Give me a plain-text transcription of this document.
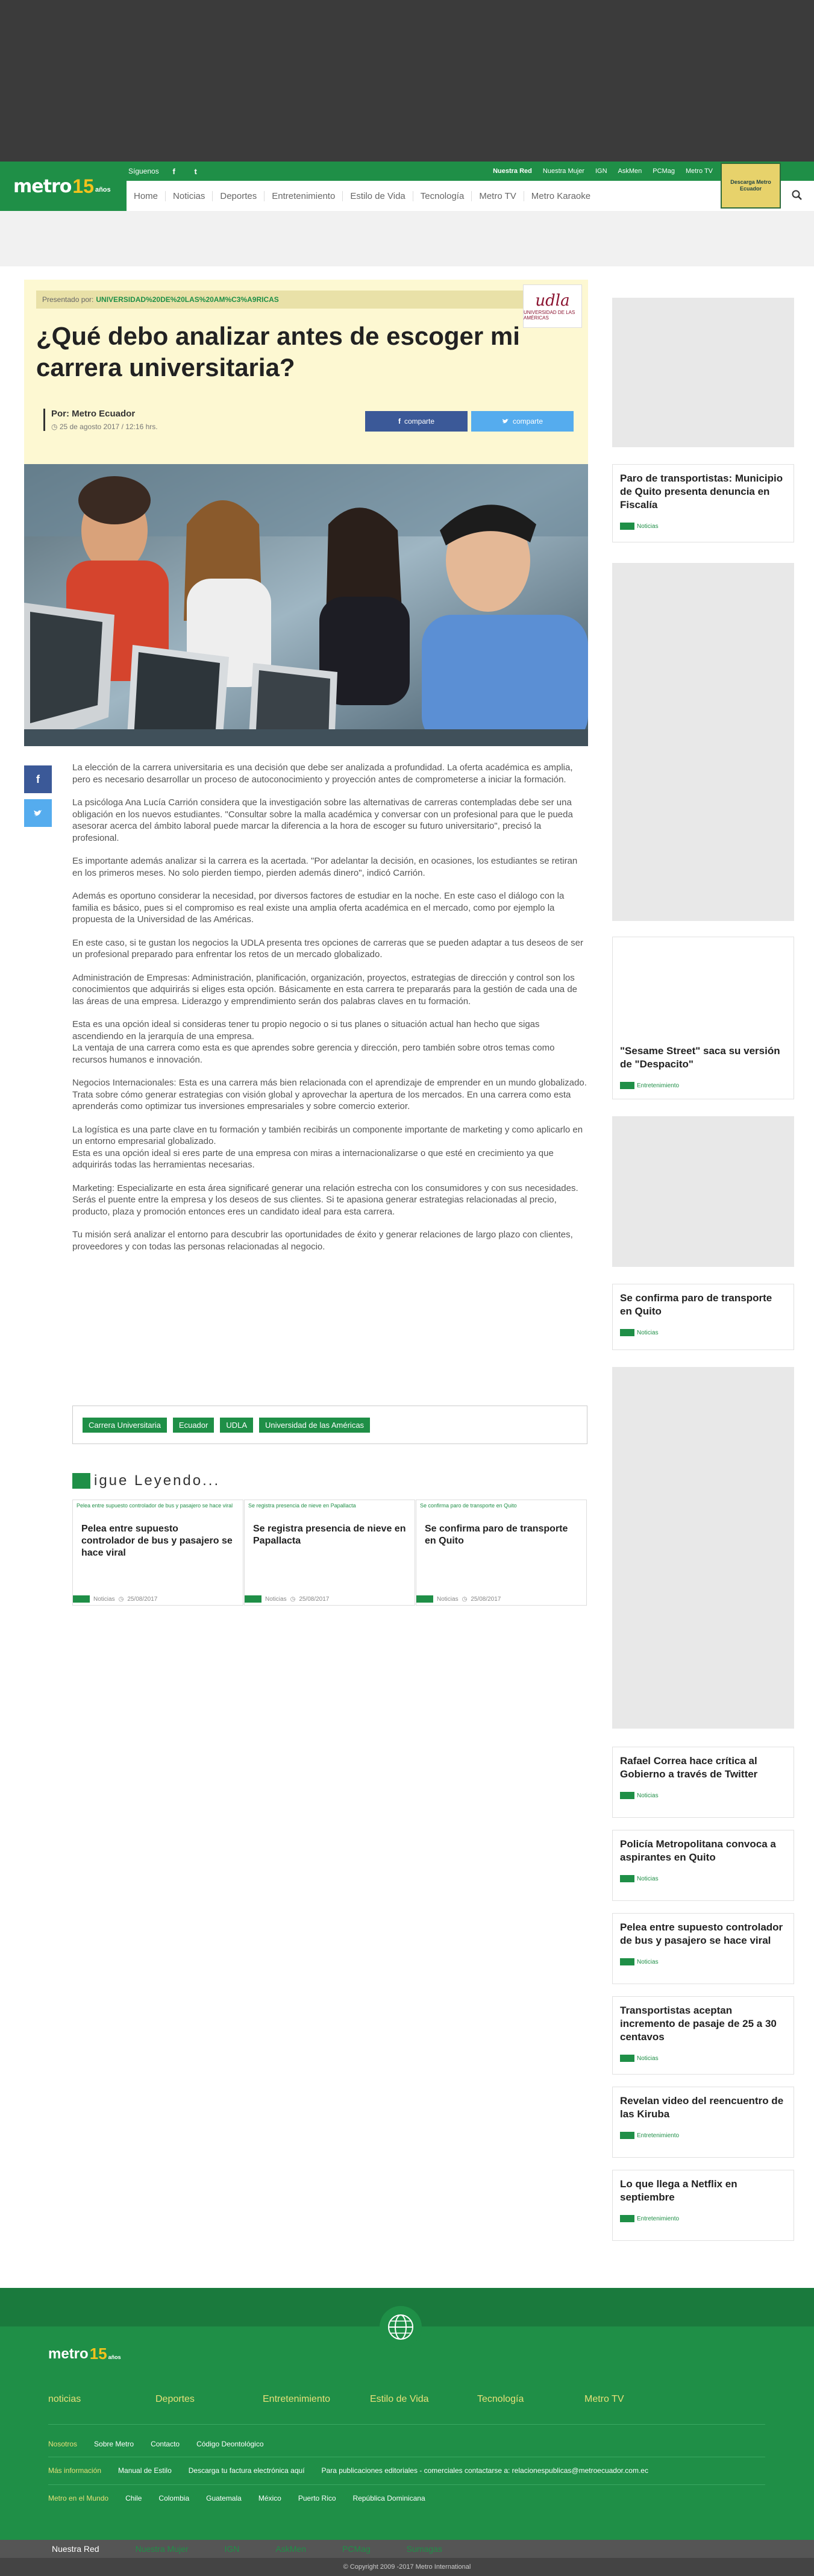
metro 15 años
Síguenos	f	t	Nuestra Red Nuestra Mujer IGN AskMen PCMag Metro TV
Descarga Metro Ecuador
Home	Noticias	Deportes	Entretenimiento	Estilo de Vida	Tecnología	Metro TV	Metro Karaoke
Presentado por: UNIVERSIDAD%20DE%20LAS%20AM%C3%A9RICAS	udla
UNIVERSIDAD DE LAS AMÉRICAS
¿Qué debo analizar antes de escoger mi carrera universitaria?
Por: Metro Ecuador
◷ 25 de agosto 2017 / 12:16 hrs.
f comparte	comparte
f

La elección de la carrera universitaria es una decisión que debe ser analizada a profundidad. La oferta académica es amplia, pero es necesario desarrollar un proceso de autoconocimiento y proyección antes de comprometerse a iniciar la formación.

La psicóloga Ana Lucía Carrión considera que la investigación sobre las alternativas de carreras contempladas debe ser una obligación en los nuevos estudiantes. "Consultar sobre la malla académica y conversar con un profesional para que le pueda asesorar acerca del ámbito laboral puede marcar la diferencia a la hora de escoger su futuro universitario", precisó la profesional.

Es importante además analizar si la carrera es la acertada. "Por adelantar la decisión, en ocasiones, los estudiantes se retiran en los primeros meses. No solo pierden tiempo, pierden además dinero", indicó Carrión.

Además es oportuno considerar la necesidad, por diversos factores de estudiar en la noche. En este caso el diálogo con la familia es básico, pues si el compromiso es real existe una amplia oferta académica en el mercado, como por ejemplo la propuesta de la Universidad de las Américas.

En este caso, si te gustan los negocios la UDLA presenta tres opciones de carreras que se pueden adaptar a tus deseos de ser un profesional preparado para enfrentar los retos de un mercado globalizado.

Administración de Empresas: Administración, planificación, organización, proyectos, estrategias de dirección y control son los conocimientos que adquirirás si eliges esta opción. Básicamente en esta carrera te prepararás para la gestión de cada una de las áreas de una empresa. Liderazgo y emprendimiento serán dos palabras claves en tu formación.

Esta es una opción ideal si consideras tener tu propio negocio o si tus planes o situación actual han hecho que sigas ascendiendo en la jerarquía de una empresa.
La ventaja de una carrera como esta es que aprendes sobre gerencia y dirección, pero también sobre otros temas como recursos humanos e innovación.

Negocios Internacionales: Esta es una carrera más bien relacionada con el aprendizaje de emprender en un mundo globalizado. Trata sobre cómo generar estrategias con visión global y aprovechar la apertura de los mercados. En una carrera como esta aprenderás como optimizar tus inversiones empresariales y sobre comercio exterior.

La logística es una parte clave en tu formación y también recibirás un componente importante de marketing y como aplicarlo en un entorno empresarial globalizado.
Esta es una opción ideal si eres parte de una empresa con miras a internacionalizarse o que esté en crecimiento ya que adquirirás todas las herramientas necesarias.

Marketing: Especializarte en esta área significaré generar una relación estrecha con los consumidores y con sus necesidades. Serás el puente entre la empresa y los deseos de sus clientes. Si te apasiona generar estrategias relacionadas al precio, producto, plaza y promoción entonces eres un candidato ideal para esta carrera.

Tu misión será analizar el entorno para descubrir las oportunidades de éxito y generar relaciones de largo plazo con clientes, proveedores y con todas las personas relacionadas al negocio.

Carrera Universitaria	Ecuador	UDLA	Universidad de las Américas
igue Leyendo...
Pelea entre supuesto controlador de bus y pasajero se hace viral
Pelea entre supuesto controlador de bus y pasajero se hace viral
Noticias ◷ 25/08/2017
Se registra presencia de nieve en Papallacta
Se registra presencia de nieve en Papallacta
Noticias ◷ 25/08/2017
Se confirma paro de transporte en Quito
Se confirma paro de transporte en Quito
Noticias ◷ 25/08/2017
Paro de transportistas: Municipio de Quito presenta denuncia en Fiscalía
Noticias
"Sesame Street" saca su versión de "Despacito"
Entretenimiento
Se confirma paro de transporte en Quito
Noticias
Rafael Correa hace crítica al Gobierno a través de Twitter
Noticias
Policía Metropolitana convoca a aspirantes en Quito
Noticias
Pelea entre supuesto controlador de bus y pasajero se hace viral
Noticias
Transportistas aceptan incremento de pasaje de 25 a 30 centavos
Noticias
Revelan video del reencuentro de las Kiruba
Entretenimiento
Lo que llega a Netflix en septiembre
Entretenimiento
metro 15 años
noticias	Deportes	Entretenimiento	Estilo de Vida	Tecnología	Metro TV
Nosotros Sobre Metro Contacto Código Deontológico
Más información Manual de Estilo Descarga tu factura electrónica aquí Para publicaciones editoriales - comerciales contactarse a: relacionespublicas@metroecuador.com.ec
Metro en el Mundo Chile Colombia Guatemala México Puerto Rico República Dominicana
Nuestra Red	Nuestra Mujer	IGN	AskMen	PCMag	Sumagas
© Copyright 2009 -2017 Metro International
